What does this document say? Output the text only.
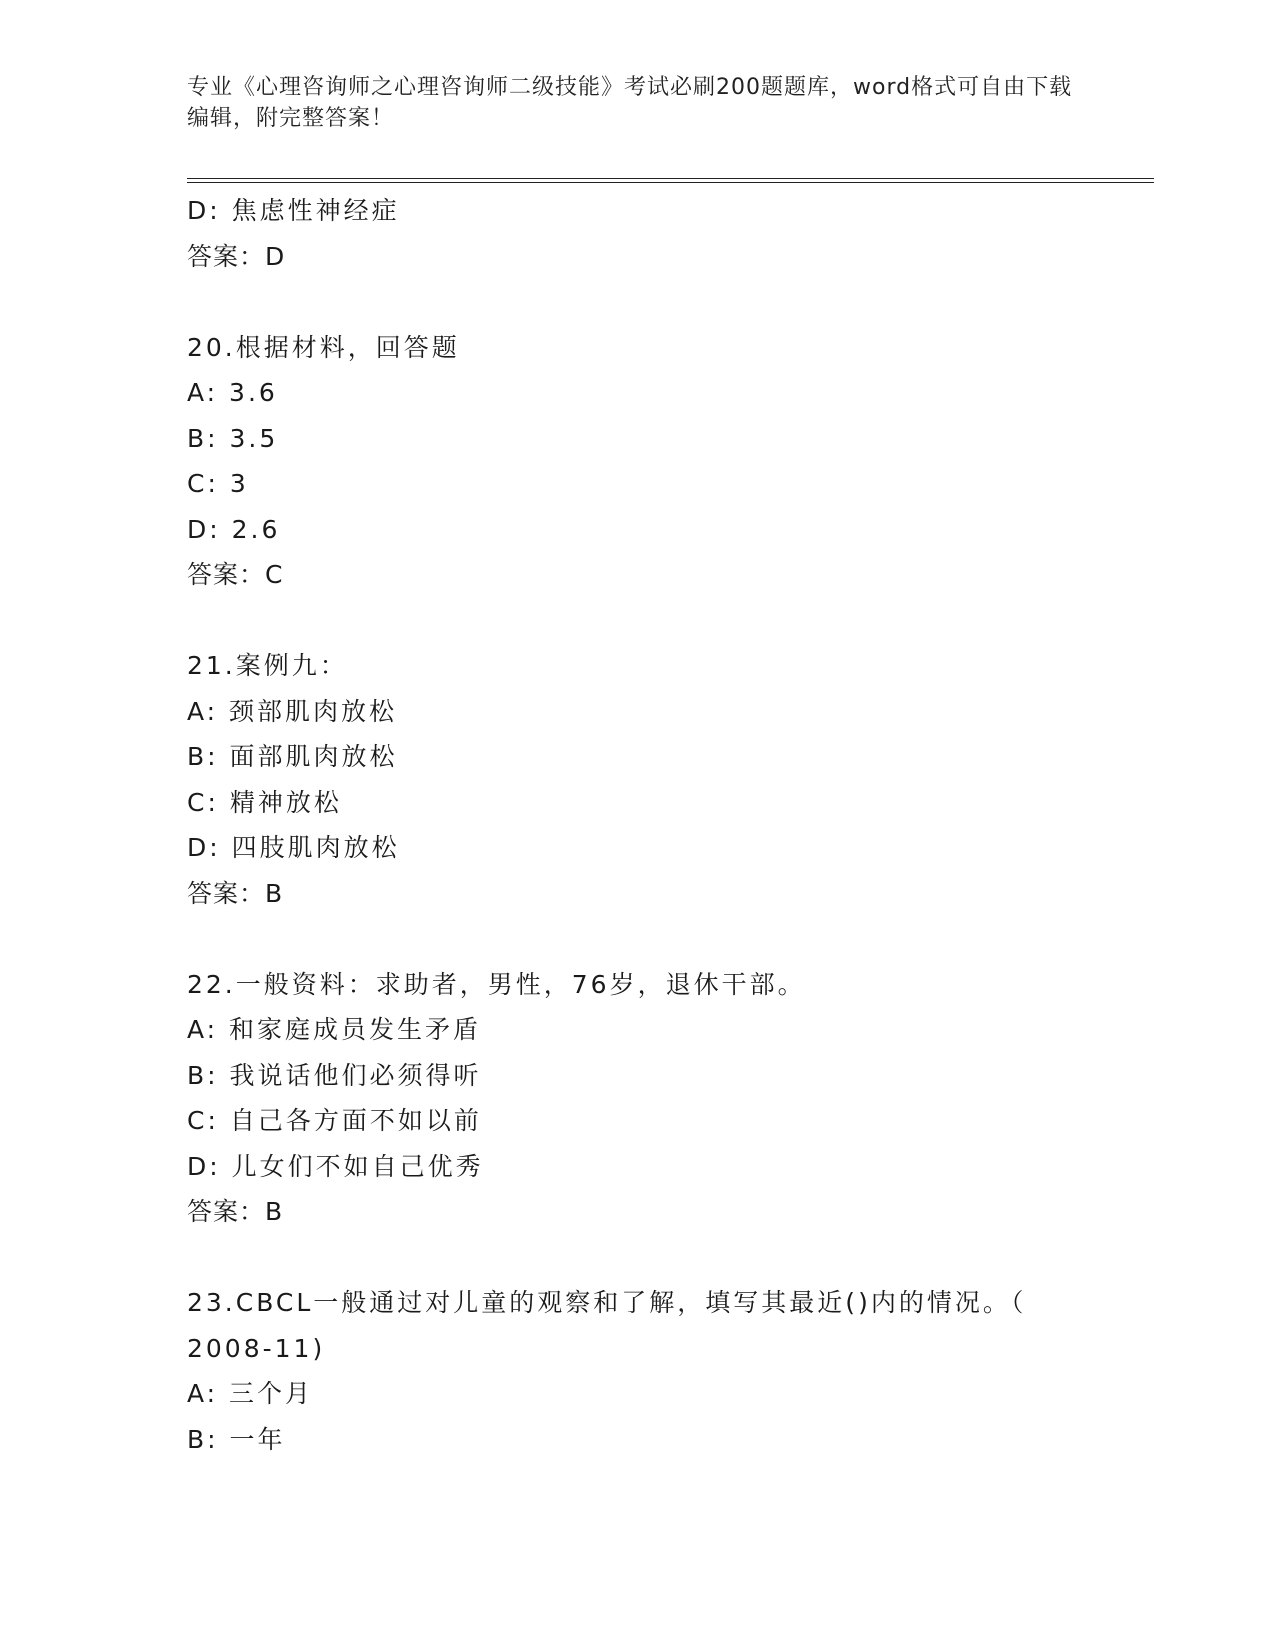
专业《心理咨询师之心理咨询师二级技能》考试必刷200题题库，word格式可自由下载编辑，附完整答案！
D: 焦虑性神经症
答案：D
20.根据材料，回答题
A: 3.6
B: 3.5
C: 3
D: 2.6
答案：C
21.案例九：
A: 颈部肌肉放松
B: 面部肌肉放松
C: 精神放松
D: 四肢肌肉放松
答案：B
22.一般资料：求助者，男性，76岁，退休干部。
A: 和家庭成员发生矛盾
B: 我说话他们必须得听
C: 自己各方面不如以前
D: 儿女们不如自己优秀
答案：B
23.CBCL一般通过对儿童的观察和了解，填写其最近()内的情况。（
2008-11)
A: 三个月
B: 一年
